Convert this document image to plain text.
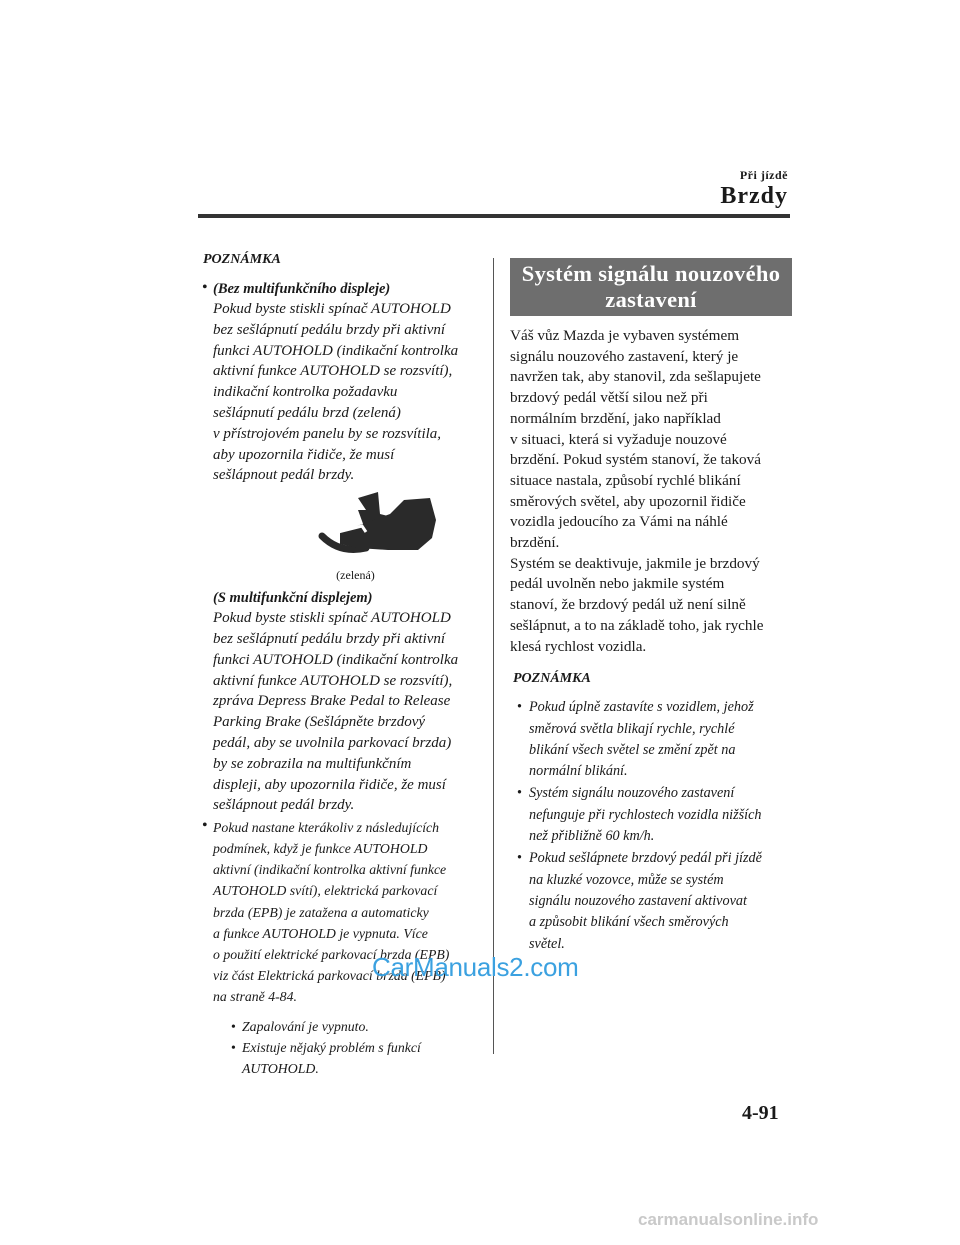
Při jízdě
Brzdy
POZNÁMKA
• (Bez multifunkčního displeje)
Pokud byste stiskli spínač AUTOHOLD
bez sešlápnutí pedálu brzdy při aktivní
funkci AUTOHOLD (indikační kontrolka
aktivní funkce AUTOHOLD se rozsvítí),
indikační kontrolka požadavku
sešlápnutí pedálu brzd (zelená)
v přístrojovém panelu by se rozsvítila,
aby upozornila řidiče, že musí
sešlápnout pedál brzdy.
(zelená)
(S multifunkční displejem)
Pokud byste stiskli spínač AUTOHOLD
bez sešlápnutí pedálu brzdy při aktivní
funkci AUTOHOLD (indikační kontrolka
aktivní funkce AUTOHOLD se rozsvítí),
zpráva Depress Brake Pedal to Release
Parking Brake (Sešlápněte brzdový
pedál, aby se uvolnila parkovací brzda)
by se zobrazila na multifunkčním
displeji, aby upozornila řidiče, že musí
sešlápnout pedál brzdy.
• Pokud nastane kterákoliv z následujících
podmínek, když je funkce AUTOHOLD
aktivní (indikační kontrolka aktivní funkce
AUTOHOLD svítí), elektrická parkovací
brzda (EPB) je zatažena a automaticky
a funkce AUTOHOLD je vypnuta. Více
o použití elektrické parkovací brzda (EPB)
viz část Elektrická parkovací brzda (EPB)
na straně 4-84.
• Zapalování je vypnuto.
• Existuje nějaký problém s funkcí
AUTOHOLD.
Systém signálu nouzového
zastavení

Váš vůz Mazda je vybaven systémem

signálu nouzového zastavení, který je

navržen tak, aby stanovil, zda sešlapujete

brzdový pedál větší silou než při

normálním brzdění, jako například

v situaci, která si vyžaduje nouzové

brzdění. Pokud systém stanoví, že taková

situace nastala, způsobí rychlé blikání

směrových světel, aby upozornil řidiče

vozidla jedoucího za Vámi na náhlé

brzdění.

Systém se deaktivuje, jakmile je brzdový

pedál uvolněn nebo jakmile systém

stanoví, že brzdový pedál už není silně

sešlápnut, a to na základě toho, jak rychle

klesá rychlost vozidla.

POZNÁMKA
• Pokud úplně zastavíte s vozidlem, jehož
směrová světla blikají rychle, rychlé
blikání všech světel se změní zpět na
normální blikání.
• Systém signálu nouzového zastavení
nefunguje při rychlostech vozidla nižších
než přibližně 60 km/h.
• Pokud sešlápnete brzdový pedál při jízdě
na kluzké vozovce, může se systém
signálu nouzového zastavení aktivovat
a způsobit blikání všech směrových
světel.
4-91
CarManuals2.com
carmanualsonline.info
